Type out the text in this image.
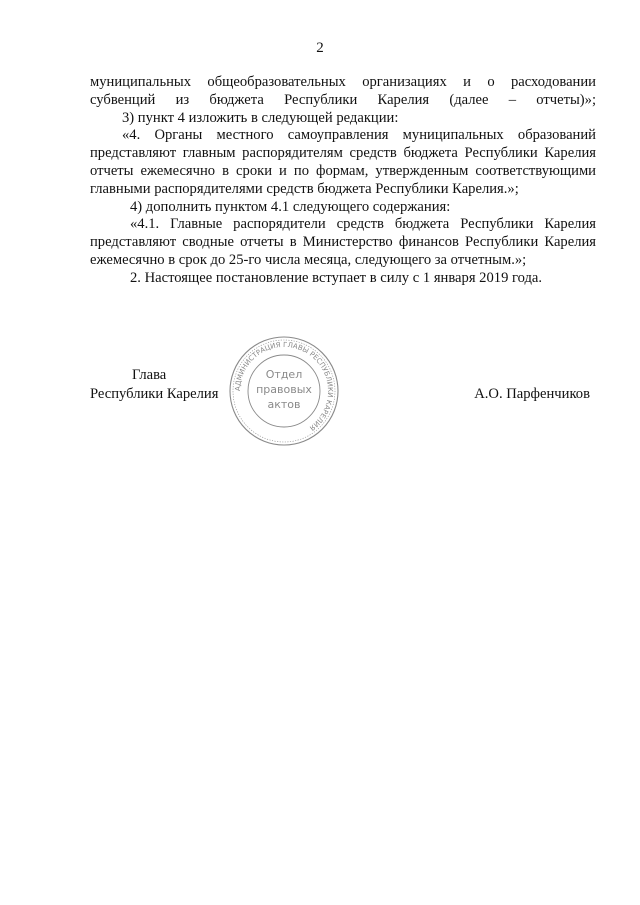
2

муниципальных общеобразовательных организациях и о расходовании субвенций из бюджета Республики Карелия (далее – отчеты)»;

3) пункт 4 изложить в следующей редакции:

«4. Органы местного самоуправления муниципальных образований представляют главным распорядителям средств бюджета Республики Карелия отчеты ежемесячно в сроки и по формам, утвержденным соответствующими главными распорядителями средств бюджета Республики Карелия.»;

4) дополнить пунктом 4.1 следующего содержания:

«4.1. Главные распорядители средств бюджета Республики Карелия представляют сводные отчеты в Министерство финансов Республики Карелия ежемесячно в срок до 25-го числа месяца, следующего за отчетным.»;

2. Настоящее постановление вступает в силу с 1 января 2019 года.

АДМИНИСТРАЦИЯ ГЛАВЫ РЕСПУБЛИКИ КАРЕЛИЯ
Отдел
правовых
актов
Глава
Республики Карелия	А.О. Парфенчиков
